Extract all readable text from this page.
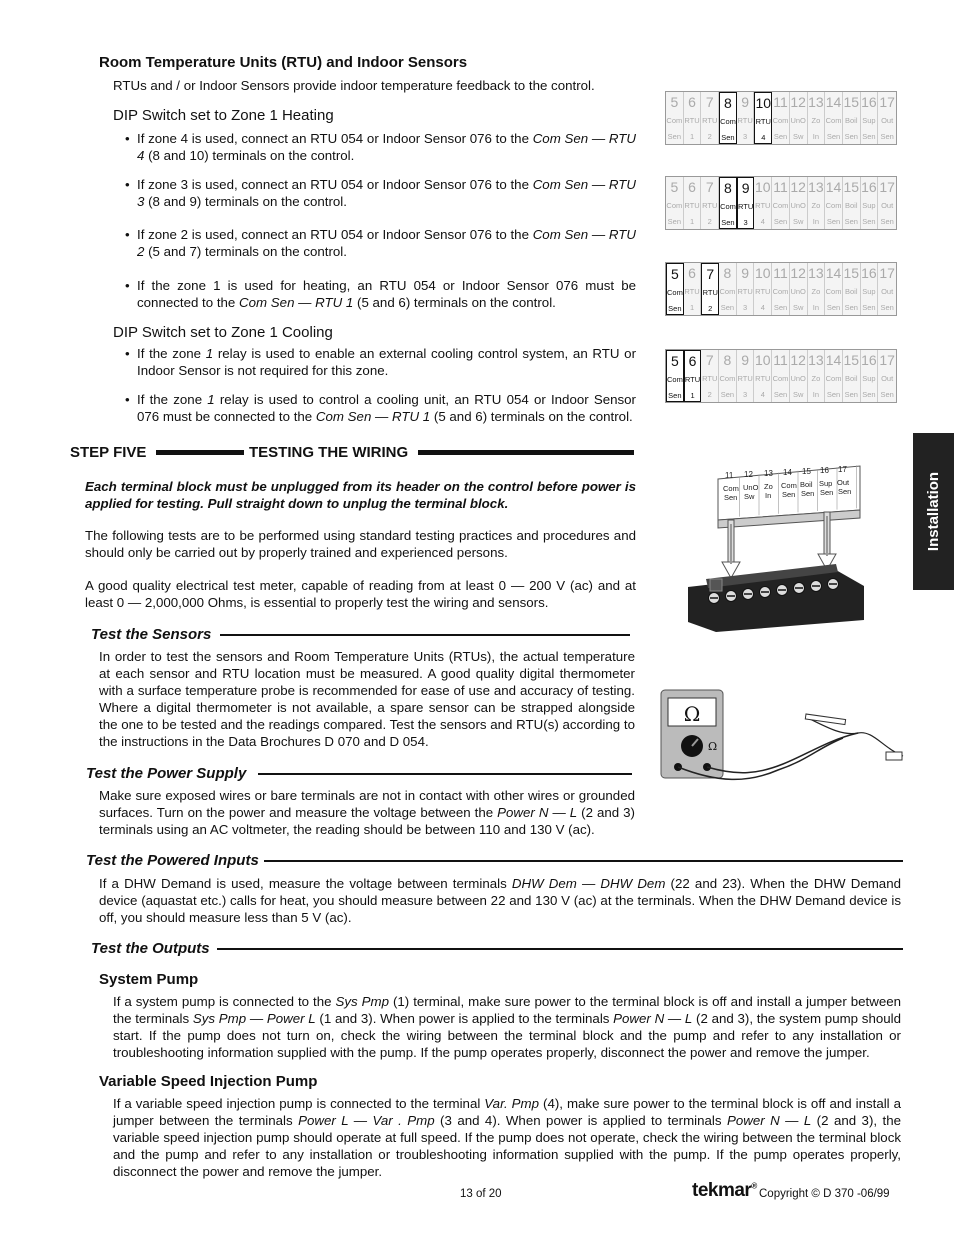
Room Temperature Units (RTU) and Indoor Sensors
RTUs and / or Indoor Sensors provide indoor temperature feedback to the control.
DIP Switch set to Zone 1 Heating
• If zone 4 is used, connect an RTU 054 or Indoor Sensor 076 to the Com Sen — RTU 4 (8 and 10) terminals on the control.
• If zone 3 is used, connect an RTU 054 or Indoor Sensor 076 to the Com Sen — RTU 3 (8 and 9) terminals on the control.
• If zone 2 is used, connect an RTU 054 or Indoor Sensor 076 to the Com Sen — RTU 2 (5 and 7) terminals on the control.
• If the zone 1 is used for heating, an RTU 054 or Indoor Sensor 076 must be connected to the Com Sen — RTU 1 (5 and 6) terminals on the control.
DIP Switch set to Zone 1 Cooling
• If the zone 1 relay is used to enable an external cooling control system, an RTU or Indoor Sensor is not required for this zone.
• If the zone 1 relay is used to control a cooling unit, an RTU 054 or Indoor Sensor 076 must be connected to the Com Sen — RTU 1 (5 and 6) terminals on the control.
5
Com
Sen
6
RTU
1
7
RTU
2
8
Com
Sen
9
RTU
3
10
RTU
4
11
Com
Sen
12
UnO
Sw
13
Zo
In
14
Com
Sen
15
Boil
Sen
16
Sup
Sen
17
Out
Sen
5
Com
Sen
6
RTU
1
7
RTU
2
8
Com
Sen
9
RTU
3
10
RTU
4
11
Com
Sen
12
UnO
Sw
13
Zo
In
14
Com
Sen
15
Boil
Sen
16
Sup
Sen
17
Out
Sen
5
Com
Sen
6
RTU
1
7
RTU
2
8
Com
Sen
9
RTU
3
10
RTU
4
11
Com
Sen
12
UnO
Sw
13
Zo
In
14
Com
Sen
15
Boil
Sen
16
Sup
Sen
17
Out
Sen
5
Com
Sen
6
RTU
1
7
RTU
2
8
Com
Sen
9
RTU
3
10
RTU
4
11
Com
Sen
12
UnO
Sw
13
Zo
In
14
Com
Sen
15
Boil
Sen
16
Sup
Sen
17
Out
Sen
STEP FIVE	TESTING THE WIRING
Each terminal block must be unplugged from its header on the control before power is applied for testing. Pull straight down to unplug the terminal block.
The following tests are to be performed using standard testing practices and procedures and should only be carried out by properly trained and experienced persons.
A good quality electrical test meter, capable of reading from at least 0 — 200 V (ac) and at least 0 — 2,000,000 Ohms, is essential to properly test the wiring and sensors.
11 12 13 14 15 16 17
Com UnO Zo Com Boil Sup Out
Sen Sw In Sen Sen Sen Sen
Ω
Ω
Test the Sensors
In order to test the sensors and Room Temperature Units (RTUs), the actual temperature at each sensor and RTU location must be measured. A good quality digital thermometer with a surface temperature probe is recommended for ease of use and accuracy of testing. Where a digital thermometer is not available, a spare sensor can be strapped alongside the one to be tested and the readings compared. Test the sensors and RTU(s) according to the instructions in the Data Brochures D 070 and D 054.
Test the Power Supply
Make sure exposed wires or bare terminals are not in contact with other wires or grounded surfaces. Turn on the power and measure the voltage between the Power N — L (2 and 3) terminals using an AC voltmeter, the reading should be between 110 and 130 V (ac).
Test the Powered Inputs
If a DHW Demand is used, measure the voltage between terminals DHW Dem — DHW Dem (22 and 23). When the DHW Demand device (aquastat etc.) calls for heat, you should measure between 22 and 130 V (ac) at the terminals. When the DHW Demand device is off, you should measure less than 5 V (ac).
Test the Outputs
System Pump
If a system pump is connected to the Sys Pmp (1) terminal, make sure power to the terminal block is off and install a jumper between the terminals Sys Pmp — Power L (1 and 3). When power is applied to the terminals Power N — L (2 and 3), the system pump should start. If the pump does not turn on, check the wiring between the terminal block and the pump and refer to any installation or troubleshooting information supplied with the pump. If the pump operates properly, disconnect the power and remove the jumper.
Variable Speed Injection Pump
If a variable speed injection pump is connected to the terminal Var. Pmp (4), make sure power to the terminal block is off and install a jumper between the terminals Power L — Var . Pmp (3 and 4). When power is applied to terminals Power N — L (2 and 3), the variable speed injection pump should operate at full speed. If the pump does not operate, check the wiring between the terminal block and the pump and refer to any installation or troubleshooting information supplied with the pump. If the pump operates properly, disconnect the power and remove the jumper.
13 of 20	tekmar®
Copyright © D 370 -06/99
Installation
